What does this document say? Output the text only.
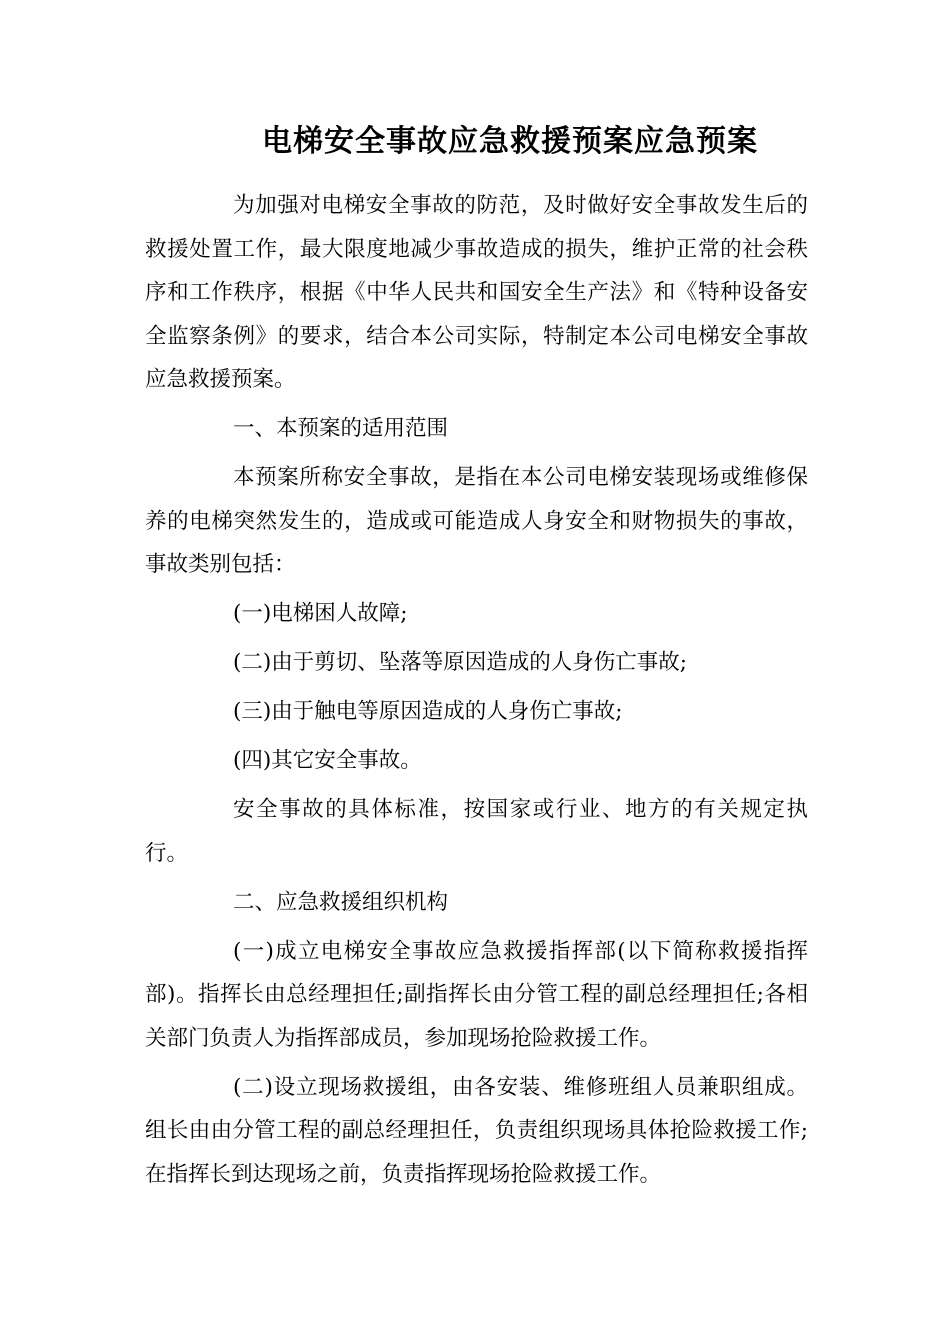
电梯安全事故应急救援预案应急预案

为加强对电梯安全事故的防范，及时做好安全事故发生后的救援处置工作，最大限度地减少事故造成的损失，维护正常的社会秩序和工作秩序，根据《中华人民共和国安全生产法》和《特种设备安全监察条例》的要求，结合本公司实际，特制定本公司电梯安全事故应急救援预案。

一、本预案的适用范围

本预案所称安全事故，是指在本公司电梯安装现场或维修保养的电梯突然发生的，造成或可能造成人身安全和财物损失的事故，事故类别包括：

(一)电梯困人故障;

(二)由于剪切、坠落等原因造成的人身伤亡事故;

(三)由于触电等原因造成的人身伤亡事故;

(四)其它安全事故。

安全事故的具体标准，按国家或行业、地方的有关规定执行。

二、应急救援组织机构

(一)成立电梯安全事故应急救援指挥部(以下简称救援指挥部)。指挥长由总经理担任;副指挥长由分管工程的副总经理担任;各相关部门负责人为指挥部成员，参加现场抢险救援工作。

(二)设立现场救援组，由各安装、维修班组人员兼职组成。组长由由分管工程的副总经理担任，负责组织现场具体抢险救援工作;在指挥长到达现场之前，负责指挥现场抢险救援工作。
